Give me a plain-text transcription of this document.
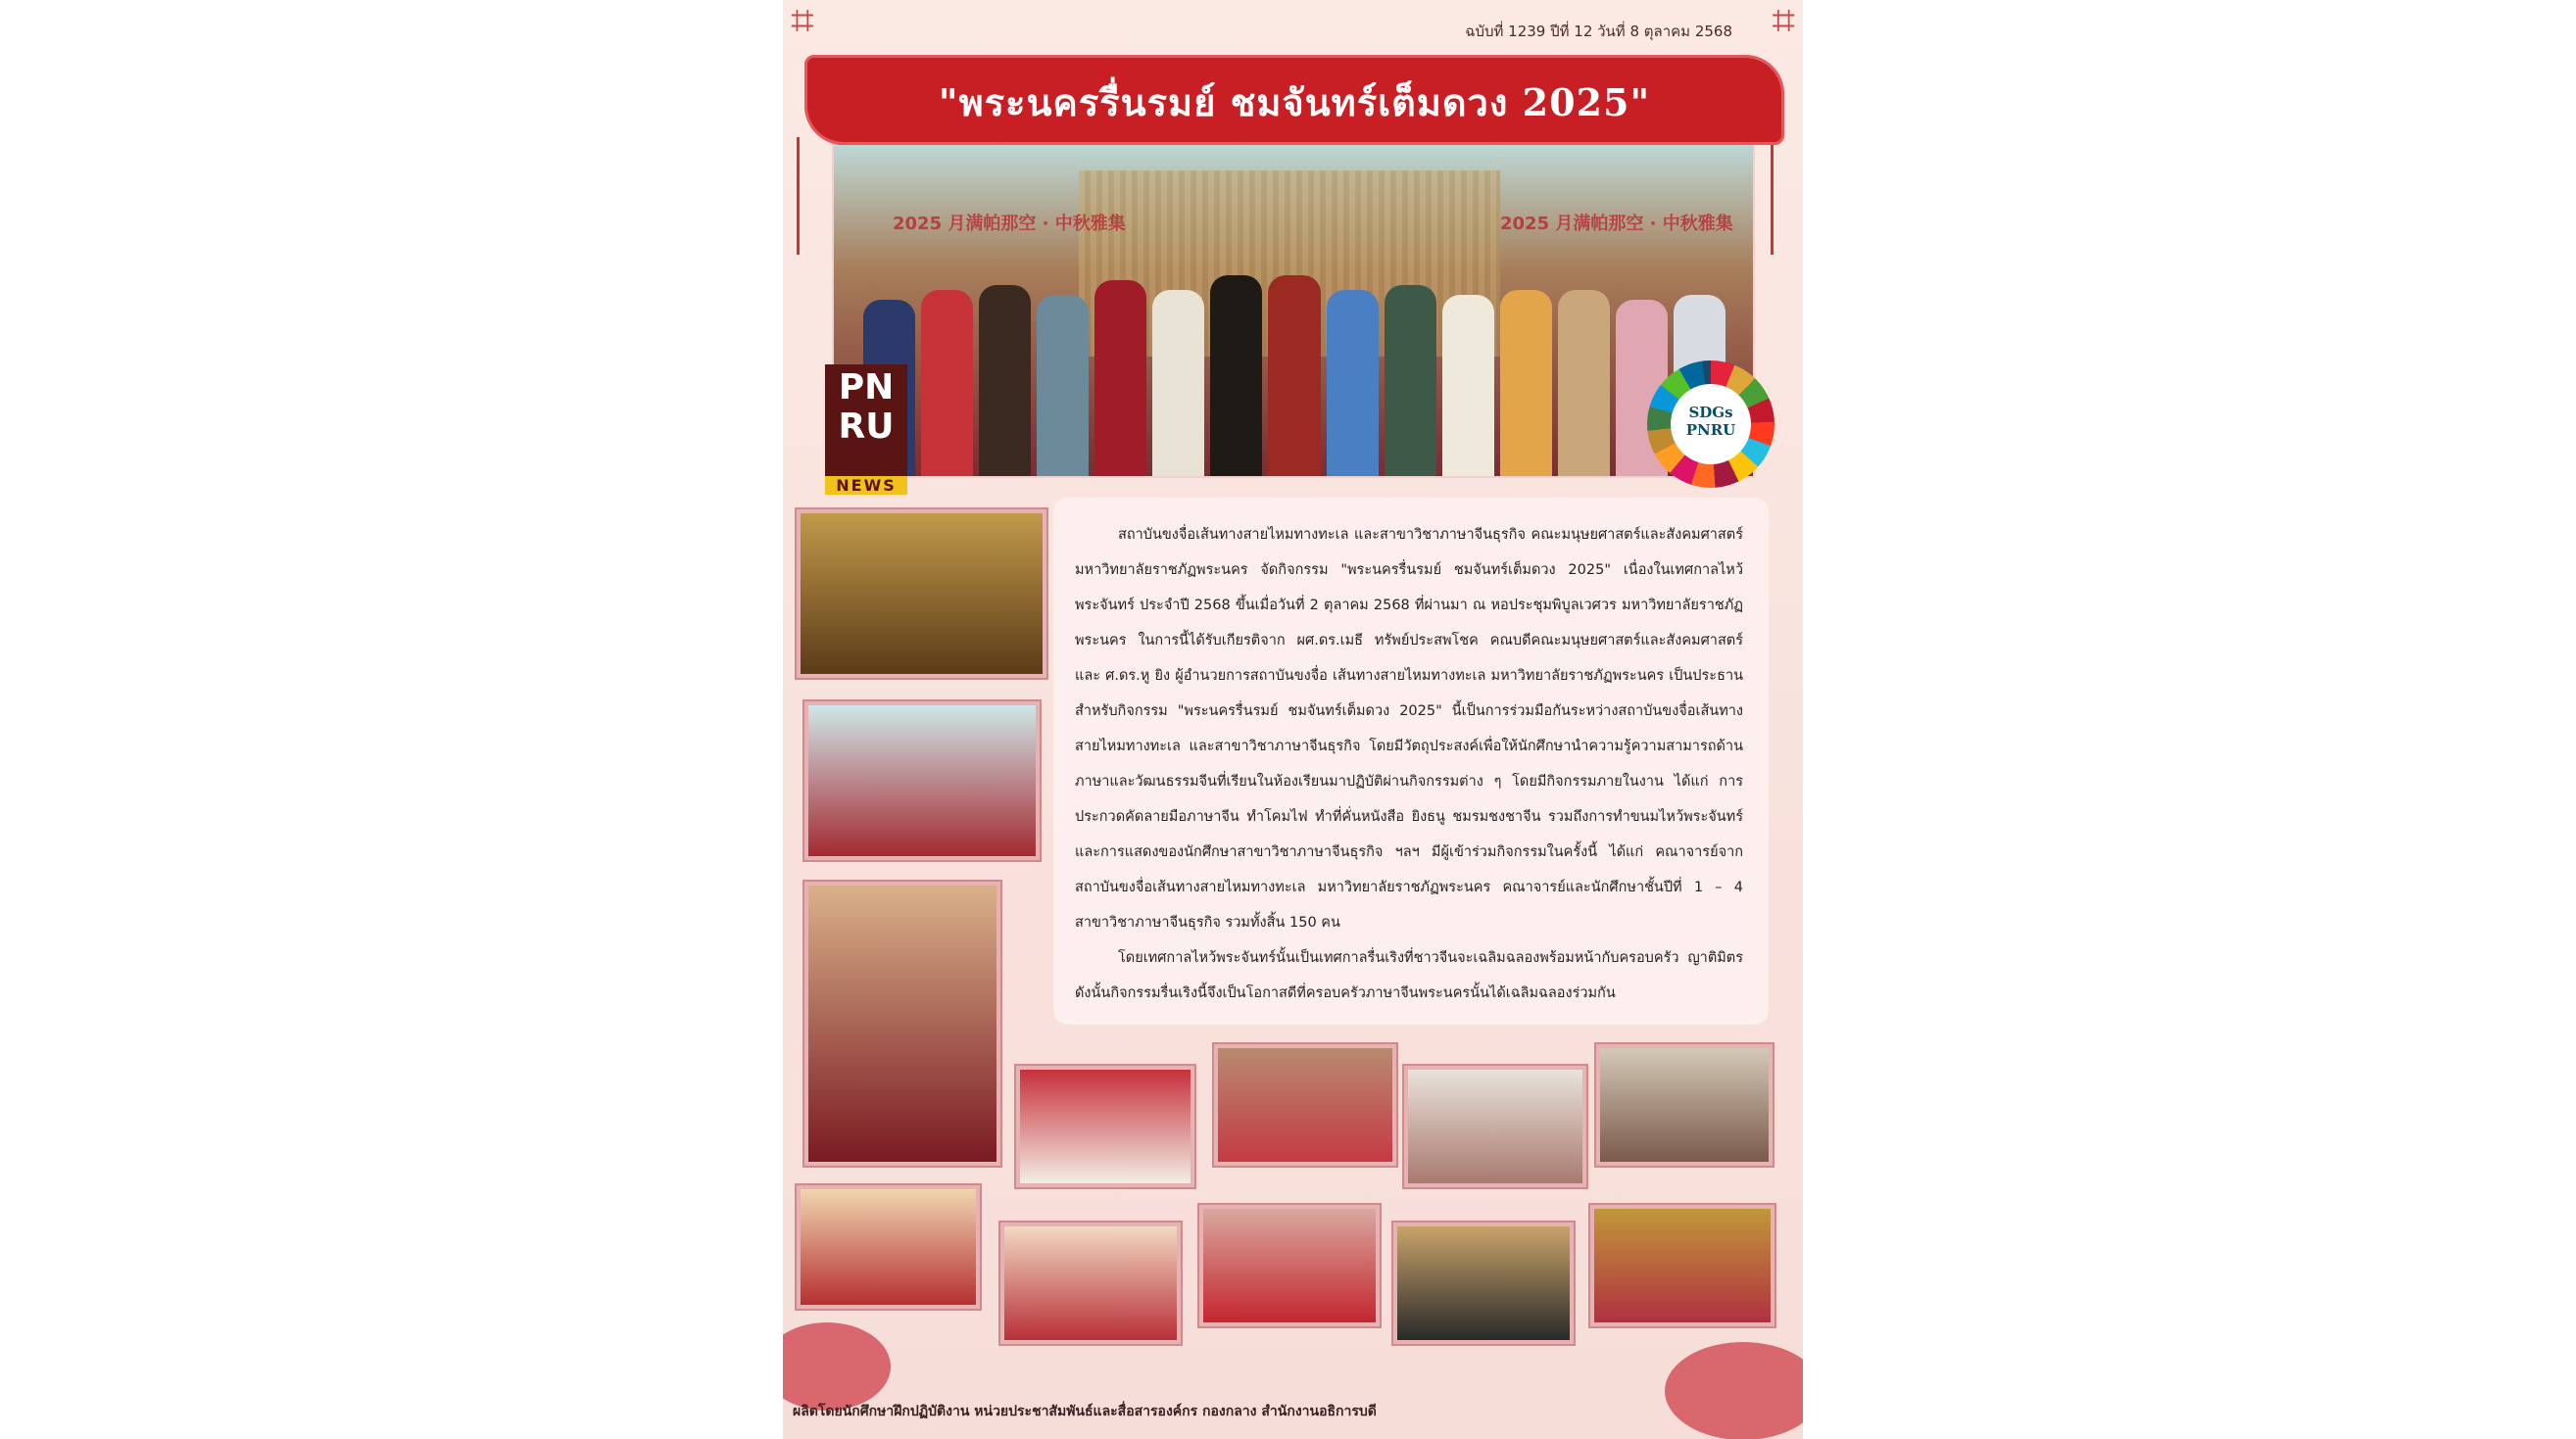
⌗	⌗
ฉบับที่ 1239 ปีที่ 12 วันที่ 8 ตุลาคม 2568
2025 月满帕那空 · 中秋雅集	2025 月满帕那空 · 中秋雅集
"พระนครรื่นรมย์ ชมจันทร์เต็มดวง 2025"
PN
RU
NEWS
SDGs
PNRU

สถาบันขงจื่อเส้นทางสายไหมทางทะเล และสาขาวิชาภาษาจีนธุรกิจ คณะมนุษยศาสตร์และสังคมศาสตร์ มหาวิทยาลัยราชภัฏพระนคร จัดกิจกรรม "พระนครรื่นรมย์ ชมจันทร์เต็มดวง 2025" เนื่องในเทศกาลไหว้พระจันทร์ ประจำปี 2568 ขึ้นเมื่อวันที่ 2 ตุลาคม 2568 ที่ผ่านมา ณ หอประชุมพิบูลเวศวร มหาวิทยาลัยราชภัฏพระนคร ในการนี้ได้รับเกียรติจาก ผศ.ดร.เมธี ทรัพย์ประสพโชค คณบดีคณะมนุษยศาสตร์และสังคมศาสตร์ และ ศ.ดร.หู ยิง ผู้อำนวยการสถาบันขงจื่อ เส้นทางสายไหมทางทะเล มหาวิทยาลัยราชภัฏพระนคร เป็นประธาน สำหรับกิจกรรม "พระนครรื่นรมย์ ชมจันทร์เต็มดวง 2025" นี้เป็นการร่วมมือกันระหว่างสถาบันขงจื่อเส้นทางสายไหมทางทะเล และสาขาวิชาภาษาจีนธุรกิจ โดยมีวัตถุประสงค์เพื่อให้นักศึกษานำความรู้ความสามารถด้านภาษาและวัฒนธรรมจีนที่เรียนในห้องเรียนมาปฏิบัติผ่านกิจกรรมต่าง ๆ โดยมีกิจกรรมภายในงาน ได้แก่ การประกวดคัดลายมือภาษาจีน ทำโคมไฟ ทำที่คั่นหนังสือ ยิงธนู ชมรมชงชาจีน รวมถึงการทำขนมไหว้พระจันทร์ และการแสดงของนักศึกษาสาขาวิชาภาษาจีนธุรกิจ ฯลฯ มีผู้เข้าร่วมกิจกรรมในครั้งนี้ ได้แก่ คณาจารย์จากสถาบันขงจื่อเส้นทางสายไหมทางทะเล มหาวิทยาลัยราชภัฏพระนคร คณาจารย์และนักศึกษาชั้นปีที่ 1 – 4 สาขาวิชาภาษาจีนธุรกิจ รวมทั้งสิ้น 150 คน

โดยเทศกาลไหว้พระจันทร์นั้นเป็นเทศกาลรื่นเริงที่ชาวจีนจะเฉลิมฉลองพร้อมหน้ากับครอบครัว ญาติมิตร ดังนั้นกิจกรรมรื่นเริงนี้จึงเป็นโอกาสดีที่ครอบครัวภาษาจีนพระนครนั้นได้เฉลิมฉลองร่วมกัน

ผลิตโดยนักศึกษาฝึกปฏิบัติงาน หน่วยประชาสัมพันธ์และสื่อสารองค์กร กองกลาง สำนักงานอธิการบดี
